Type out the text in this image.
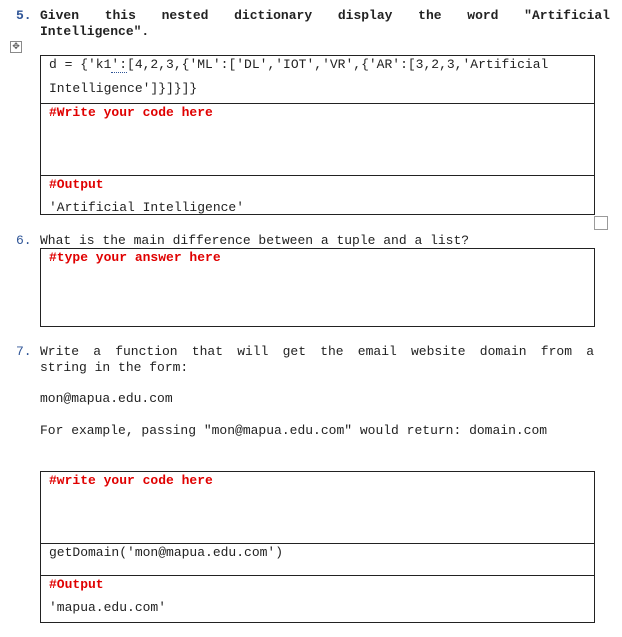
5. Given this nested dictionary display the word "Artificial
Intelligence".
✥
d = {'k1':[4,2,3,{'ML':['DL','IOT','VR',{'AR':[3,2,3,'Artificial
Intelligence']}]}]}
#Write your code here
#Output
'Artificial Intelligence'
6. What is the main difference between a tuple and a list?
#type your answer here
7. Write a function that will get the email website domain from a
string in the form:
mon@mapua.edu.com
For example, passing "mon@mapua.edu.com" would return: domain.com
#write your code here
getDomain('mon@mapua.edu.com')
#Output
'mapua.edu.com'
